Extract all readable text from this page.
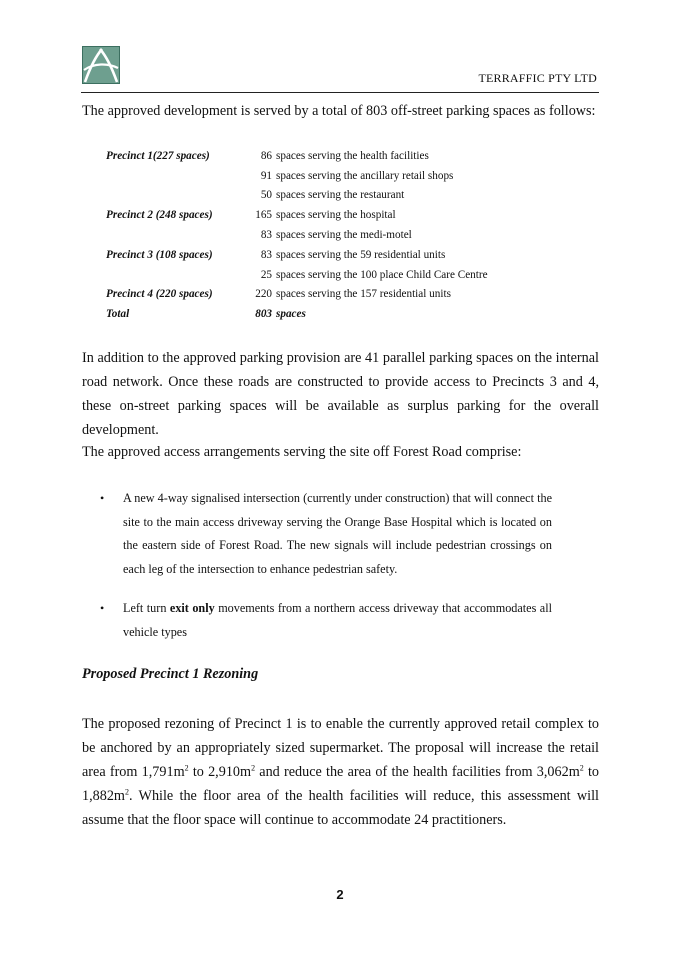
TERRAFFIC PTY LTD
The approved development is served by a total of 803 off-street parking spaces as follows:
Precinct 1(227 spaces)	86	spaces serving the health facilities
	91	spaces serving the ancillary retail shops
	50	spaces serving the restaurant
Precinct 2 (248 spaces)	165	spaces serving the hospital
	83	spaces serving the medi-motel
Precinct 3 (108 spaces)	83	spaces serving the 59 residential units
	25	spaces serving the 100 place Child Care Centre
Precinct 4 (220 spaces)	220	spaces serving the 157 residential units
Total	803	spaces

In addition to the approved parking provision are 41 parallel parking spaces on the internal road network. Once these roads are constructed to provide access to Precincts 3 and 4, these on-street parking spaces will be available as surplus parking for the overall development.

The approved access arrangements serving the site off Forest Road comprise:

• A new 4-way signalised intersection (currently under construction) that will connect the site to the main access driveway serving the Orange Base Hospital which is located on the eastern side of Forest Road. The new signals will include pedestrian crossings on each leg of the intersection to enhance pedestrian safety.
• Left turn exit only movements from a northern access driveway that accommodates all vehicle types
Proposed Precinct 1 Rezoning

The proposed rezoning of Precinct 1 is to enable the currently approved retail complex to be anchored by an appropriately sized supermarket. The proposal will increase the retail area from $1,791m^2$ to $2,910m^2$ and reduce the area of the health facilities from $3,062m^2$ to $1,882m^2$. While the floor area of the health facilities will reduce, this assessment will assume that the floor space will continue to accommodate 24 practitioners.

2
